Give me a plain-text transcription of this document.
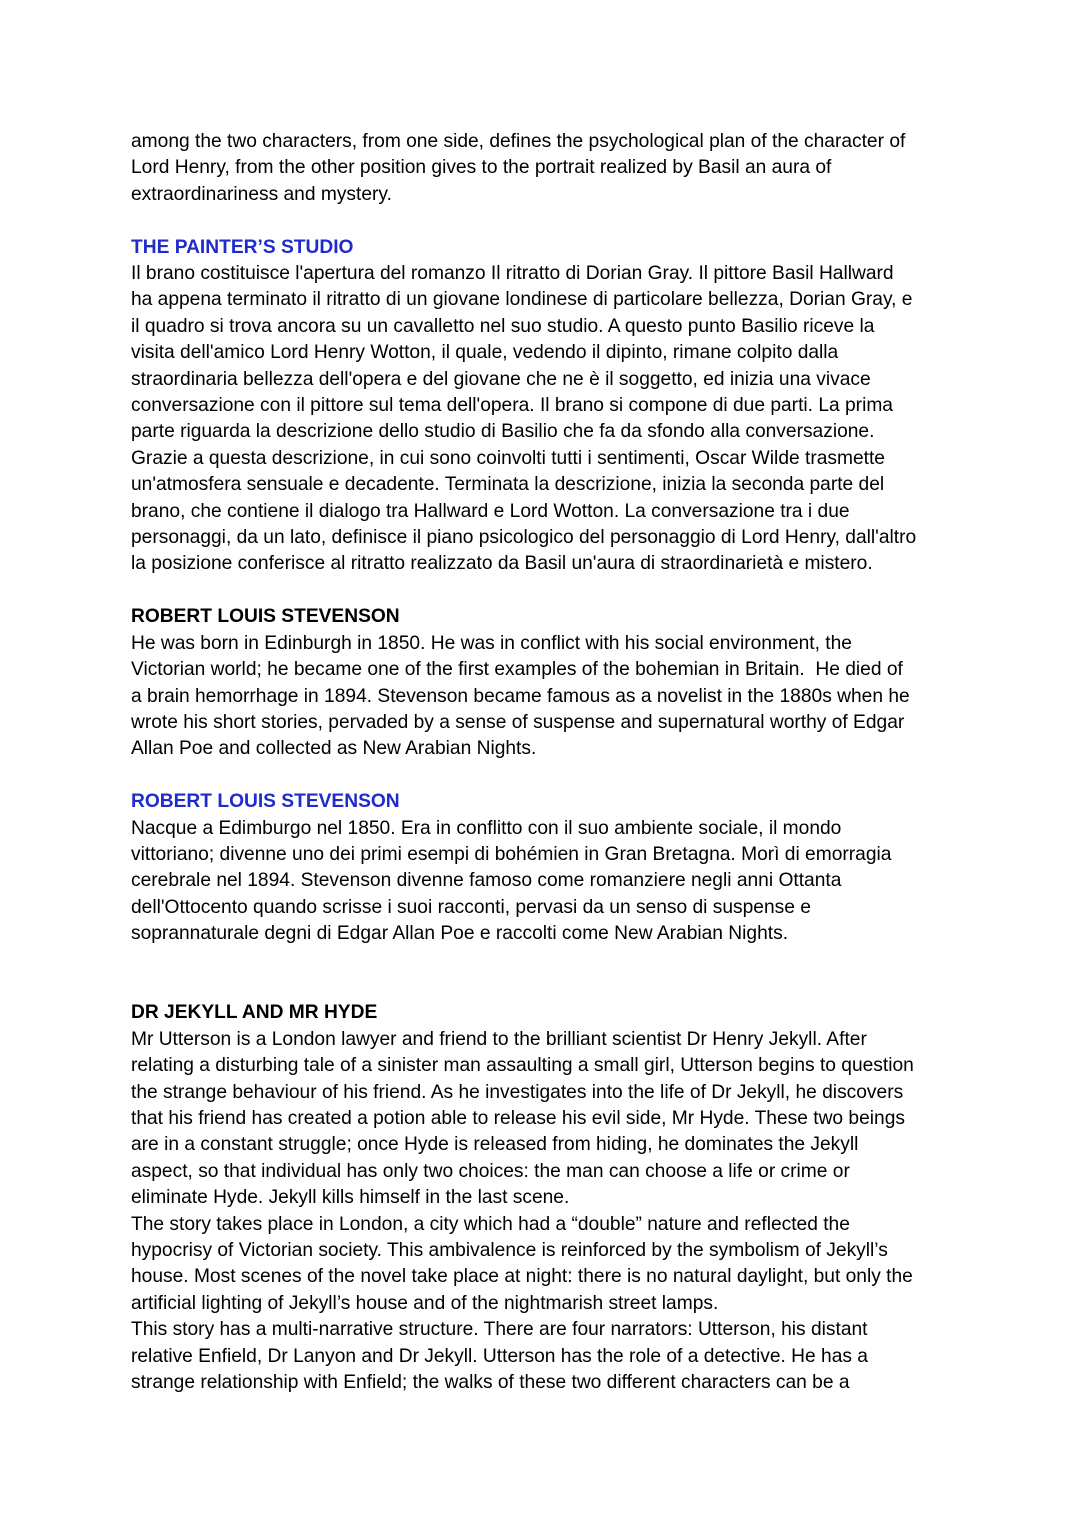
among the two characters, from one side, defines the psychological plan of the character of
Lord Henry, from the other position gives to the portrait realized by Basil an aura of
extraordinariness and mystery.
THE PAINTER’S STUDIO
Il brano costituisce l'apertura del romanzo Il ritratto di Dorian Gray. Il pittore Basil Hallward
ha appena terminato il ritratto di un giovane londinese di particolare bellezza, Dorian Gray, e
il quadro si trova ancora su un cavalletto nel suo studio. A questo punto Basilio riceve la
visita dell'amico Lord Henry Wotton, il quale, vedendo il dipinto, rimane colpito dalla
straordinaria bellezza dell'opera e del giovane che ne è il soggetto, ed inizia una vivace
conversazione con il pittore sul tema dell'opera. Il brano si compone di due parti. La prima
parte riguarda la descrizione dello studio di Basilio che fa da sfondo alla conversazione.
Grazie a questa descrizione, in cui sono coinvolti tutti i sentimenti, Oscar Wilde trasmette
un'atmosfera sensuale e decadente. Terminata la descrizione, inizia la seconda parte del
brano, che contiene il dialogo tra Hallward e Lord Wotton. La conversazione tra i due
personaggi, da un lato, definisce il piano psicologico del personaggio di Lord Henry, dall'altro
la posizione conferisce al ritratto realizzato da Basil un'aura di straordinarietà e mistero.
ROBERT LOUIS STEVENSON
He was born in Edinburgh in 1850. He was in conflict with his social environment, the
Victorian world; he became one of the first examples of the bohemian in Britain.  He died of
a brain hemorrhage in 1894. Stevenson became famous as a novelist in the 1880s when he
wrote his short stories, pervaded by a sense of suspense and supernatural worthy of Edgar
Allan Poe and collected as New Arabian Nights.
ROBERT LOUIS STEVENSON
Nacque a Edimburgo nel 1850. Era in conflitto con il suo ambiente sociale, il mondo
vittoriano; divenne uno dei primi esempi di bohémien in Gran Bretagna. Morì di emorragia
cerebrale nel 1894. Stevenson divenne famoso come romanziere negli anni Ottanta
dell'Ottocento quando scrisse i suoi racconti, pervasi da un senso di suspense e
soprannaturale degni di Edgar Allan Poe e raccolti come New Arabian Nights.
DR JEKYLL AND MR HYDE
Mr Utterson is a London lawyer and friend to the brilliant scientist Dr Henry Jekyll. After
relating a disturbing tale of a sinister man assaulting a small girl, Utterson begins to question
the strange behaviour of his friend. As he investigates into the life of Dr Jekyll, he discovers
that his friend has created a potion able to release his evil side, Mr Hyde. These two beings
are in a constant struggle; once Hyde is released from hiding, he dominates the Jekyll
aspect, so that individual has only two choices: the man can choose a life or crime or
eliminate Hyde. Jekyll kills himself in the last scene.
The story takes place in London, a city which had a “double” nature and reflected the
hypocrisy of Victorian society. This ambivalence is reinforced by the symbolism of Jekyll’s
house. Most scenes of the novel take place at night: there is no natural daylight, but only the
artificial lighting of Jekyll’s house and of the nightmarish street lamps.
This story has a multi-narrative structure. There are four narrators: Utterson, his distant
relative Enfield, Dr Lanyon and Dr Jekyll. Utterson has the role of a detective. He has a
strange relationship with Enfield; the walks of these two different characters can be a
